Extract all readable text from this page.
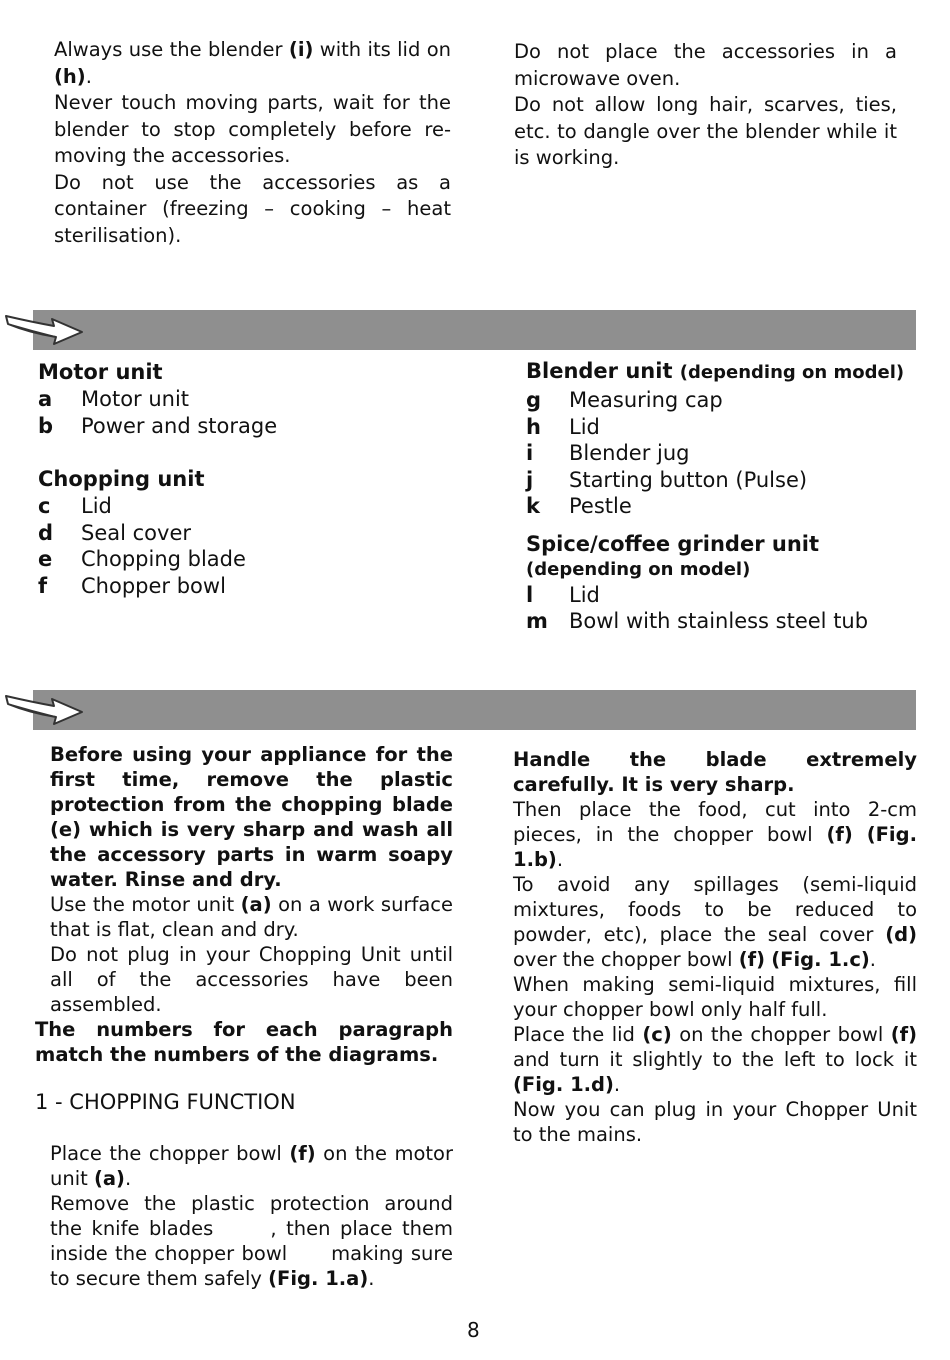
Always use the blender (i) with its lid on (h).
Never touch moving parts, wait for the blender to stop completely before re-moving the accessories.
Do not use the accessories as a container (freezing – cooking – heat sterilisation).
Do not place the accessories in a microwave oven.
Do not allow long hair, scarves, ties, etc. to dangle over the blender while it is working.
Motor unit
a	Motor unit
b	Power and storage
Chopping unit
c	Lid
d	Seal cover
e	Chopping blade
f	Chopper bowl
Blender unit (depending on model)
g	Measuring cap
h	Lid
i	Blender jug
j	Starting button (Pulse)
k	Pestle
Spice/coffee grinder unit
(depending on model)
l	Lid
m	Bowl with stainless steel tub
Before using your appliance for the first time, remove the plastic protection from the chopping blade (e) which is very sharp and wash all the accessory parts in warm soapy water. Rinse and dry.
Use the motor unit (a) on a work surface that is flat, clean and dry.
Do not plug in your Chopping Unit until all of the accessories have been assembled.
The numbers for each paragraph match the numbers of the diagrams.
1 - CHOPPING FUNCTION
Place the chopper bowl (f) on the motor unit (a).
Remove the plastic protection around the knife blades      , then place them inside the chopper bowl      making sure to secure them safely (Fig. 1.a).
Handle the blade extremely carefully. It is very sharp.
Then place the food, cut into 2-cm pieces, in the chopper bowl (f) (Fig. 1.b).
To avoid any spillages (semi-liquid mixtures, foods to be reduced to powder, etc), place the seal cover (d) over the chopper bowl (f) (Fig. 1.c).
When making semi-liquid mixtures, fill your chopper bowl only half full.
Place the lid (c) on the chopper bowl (f) and turn it slightly to the left to lock it (Fig. 1.d).
Now you can plug in your Chopper Unit to the mains.
8
